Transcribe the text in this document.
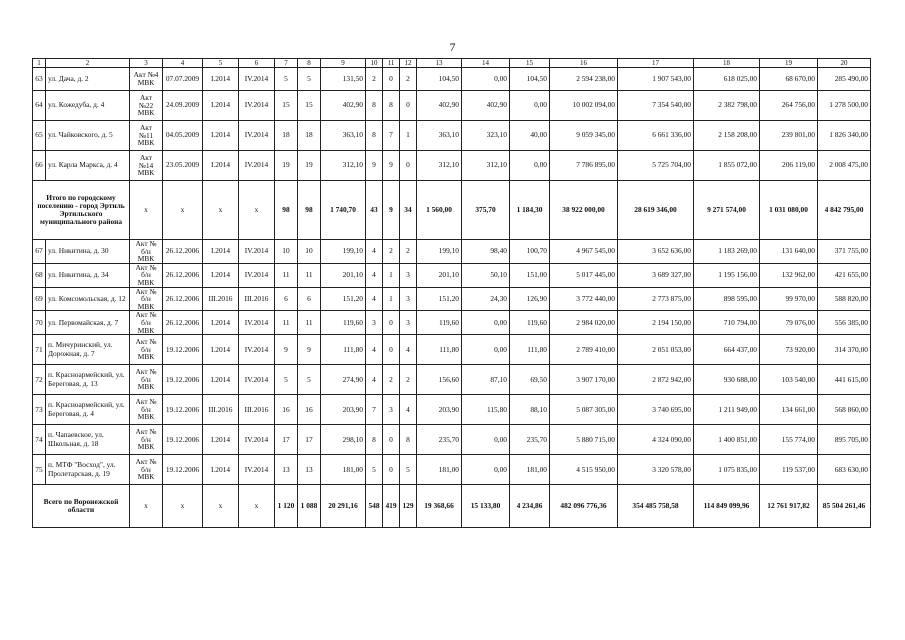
7
1	2	3	4	5	6	7	8	9	10	11	12	13	14	15	16	17	18	19	20
63	ул. Дача, д. 2	Акт №4 МВК	07.07.2009	I.2014	IV.2014	5	5	131,50	2	0	2	104,50	0,00	104,50	2 594 238,00	1 907 543,00	618 025,00	68 670,00	285 490,00
64	ул. Кожедуба, д. 4	Акт №22 МВК	24.09.2009	I.2014	IV.2014	15	15	402,90	8	8	0	402,90	402,90	0,00	10 002 094,00	7 354 540,00	2 382 798,00	264 756,00	1 278 500,00
65	ул. Чайковского, д. 5	Акт №11 МВК	04.05.2009	I.2014	IV.2014	18	18	363,10	8	7	1	363,10	323,10	40,00	9 059 345,00	6 661 336,00	2 158 208,00	239 801,00	1 826 340,00
66	ул. Карла Маркса, д. 4	Акт №14 МВК	23.05.2009	I.2014	IV.2014	19	19	312,10	9	9	0	312,10	312,10	0,00	7 786 895,00	5 725 704,00	1 855 072,00	206 119,00	2 008 475,00
Итого по городскому поселению - город Эртиль Эртильского муниципального района		х	х	х	х	98	98	1 740,70	43	9	34	1 560,00	375,70	1 184,30	38 922 000,00	28 619 346,00	9 271 574,00	1 031 080,00	4 842 795,00
67	ул. Никитина, д. 30	Акт № б/н МВК	26.12.2006	I.2014	IV.2014	10	10	199,10	4	2	2	199,10	98,40	100,70	4 967 545,00	3 652 636,00	1 183 269,00	131 640,00	371 755,00
68	ул. Никитина, д. 34	Акт № б/н МВК	26.12.2006	I.2014	IV.2014	11	11	201,10	4	1	3	201,10	50,10	151,00	5 017 445,00	3 689 327,00	1 195 156,00	132 962,00	421 655,00
69	ул. Комсомольская, д. 12	Акт № б/н МВК	26.12.2006	III.2016	III.2016	6	6	151,20	4	1	3	151,20	24,30	126,90	3 772 440,00	2 773 875,00	898 595,00	99 970,00	588 820,00
70	ул. Первомайская, д. 7	Акт № б/н МВК	26.12.2006	I.2014	IV.2014	11	11	119,60	3	0	3	119,60	0,00	119,60	2 984 020,00	2 194 150,00	710 794,00	79 076,00	556 385,00
71	п. Мичуринский, ул. Дорожная, д. 7	Акт № б/н МВК	19.12.2006	I.2014	IV.2014	9	9	111,80	4	0	4	111,80	0,00	111,80	2 789 410,00	2 051 053,00	664 437,00	73 920,00	314 370,00
72	п. Красноармейский, ул. Береговая, д. 13	Акт № б/н МВК	19.12.2006	I.2014	IV.2014	5	5	274,90	4	2	2	156,60	87,10	69,50	3 907 170,00	2 872 942,00	930 688,00	103 540,00	441 615,00
73	п. Красноармейский, ул. Береговая, д. 4	Акт № б/н МВК	19.12.2006	III.2016	III.2016	16	16	203,90	7	3	4	203,90	115,80	88,10	5 087 305,00	3 740 695,00	1 211 949,00	134 661,00	568 860,00
74	п. Чапаевское, ул. Школьная, д. 18	Акт № б/н МВК	19.12.2006	I.2014	IV.2014	17	17	298,10	8	0	8	235,70	0,00	235,70	5 880 715,00	4 324 090,00	1 400 851,00	155 774,00	895 705,00
75	п. МТФ "Восход", ул. Пролетарская, д. 19	Акт № б/н МВК	19.12.2006	I.2014	IV.2014	13	13	181,00	5	0	5	181,00	0,00	181,00	4 515 950,00	3 320 578,00	1 075 835,00	119 537,00	683 630,00
Всего по Воронежской области		х	х	х	х	1 120	1 088	20 291,16	548	419	129	19 368,66	15 133,80	4 234,86	482 096 776,36	354 485 758,58	114 849 099,96	12 761 917,82	85 504 261,46
